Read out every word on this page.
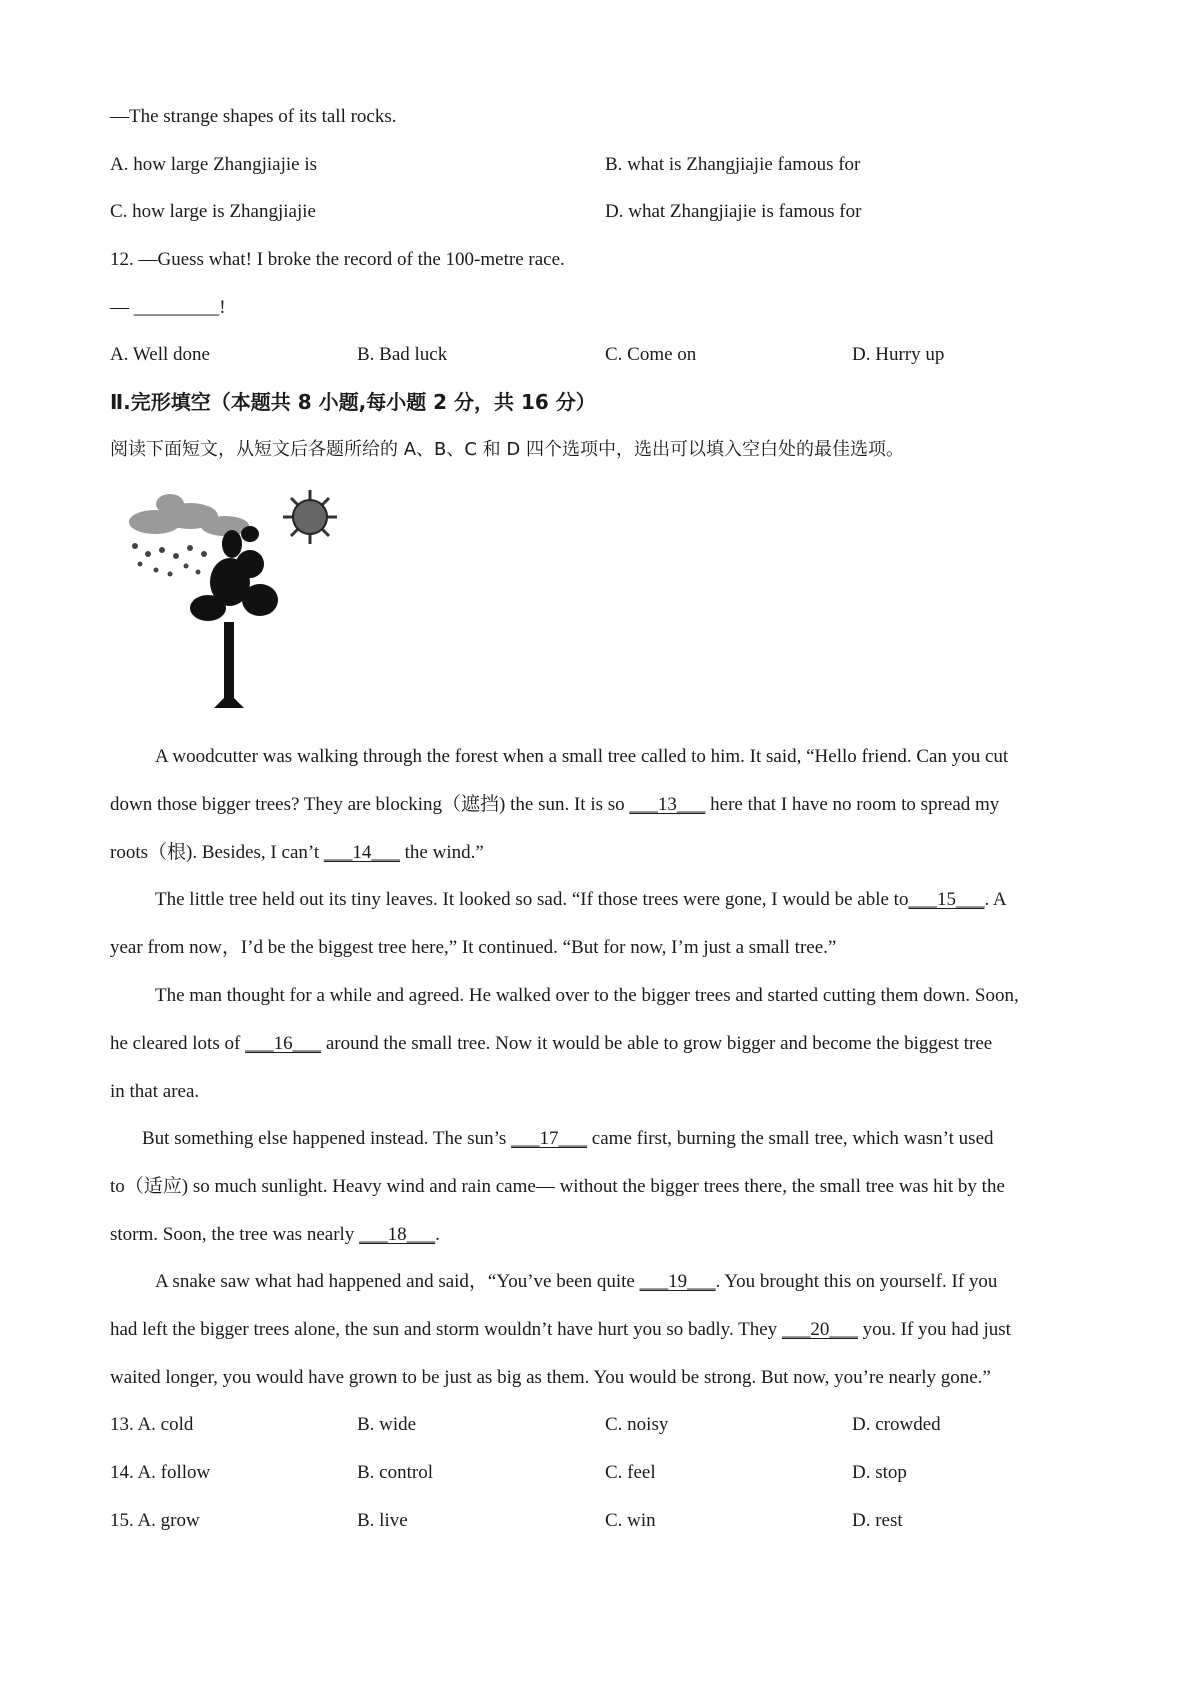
—The strange shapes of its tall rocks.
A. how large Zhangjiajie is	B. what is Zhangjiajie famous for
C. how large is Zhangjiajie	D. what Zhangjiajie is famous for
12. —Guess what! I broke the record of the 100-metre race.
— _________!
A. Well done	B. Bad luck	C. Come on	D. Hurry up
Ⅱ.完形填空（本题共 8 小题,每小题 2 分，共 16 分）
阅读下面短文，从短文后各题所给的 A、B、C 和 D 四个选项中，选出可以填入空白处的最佳选项。
A woodcutter was walking through the forest when a small tree called to him. It said, “Hello friend. Can you cut
down those bigger trees? They are blocking（遮挡) the sun. It is so ___13___ here that I have no room to spread my
roots（根). Besides, I can’t ___14___ the wind.”
The little tree held out its tiny leaves. It looked so sad. “If those trees were gone, I would be able to___15___. A
year from now，I’d be the biggest tree here,” It continued. “But for now, I’m just a small tree.”
The man thought for a while and agreed. He walked over to the bigger trees and started cutting them down. Soon,
he cleared lots of ___16___ around the small tree. Now it would be able to grow bigger and become the biggest tree
in that area.
But something else happened instead. The sun’s ___17___ came first, burning the small tree, which wasn’t used
to（适应) so much sunlight. Heavy wind and rain came— without the bigger trees there, the small tree was hit by the
storm. Soon, the tree was nearly ___18___.
A snake saw what had happened and said，“You’ve been quite ___19___. You brought this on yourself. If you
had left the bigger trees alone, the sun and storm wouldn’t have hurt you so badly. They ___20___ you. If you had just
waited longer, you would have grown to be just as big as them. You would be strong. But now, you’re nearly gone.”
13. A. cold	B. wide	C. noisy	D. crowded
14. A. follow	B. control	C. feel	D. stop
15. A. grow	B. live	C. win	D. rest
